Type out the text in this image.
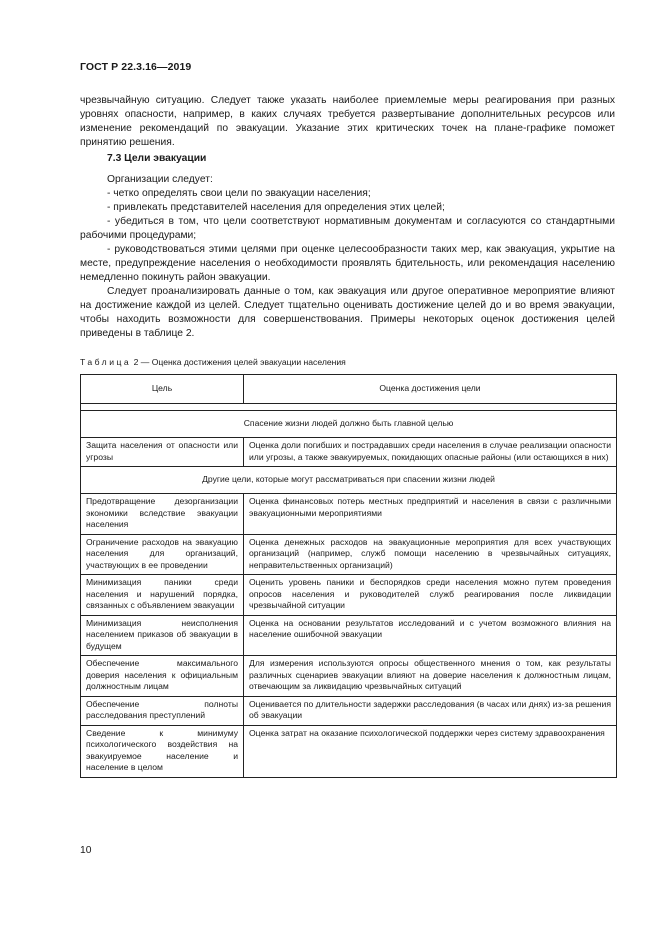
ГОСТ Р 22.3.16—2019
чрезвычайную ситуацию. Следует также указать наиболее приемлемые меры реагирования при разных уровнях опасности, например, в каких случаях требуется развертывание дополнительных ресурсов или изменение рекомендаций по эвакуации. Указание этих критических точек на плане-графике поможет принятию решения.
7.3 Цели эвакуации

Организации следует:

- четко определять свои цели по эвакуации населения;

- привлекать представителей населения для определения этих целей;

- убедиться в том, что цели соответствуют нормативным документам и согласуются со стандартными рабочими процедурами;

- руководствоваться этими целями при оценке целесообразности таких мер, как эвакуация, укрытие на месте, предупреждение населения о необходимости проявлять бдительность, или рекомендация населению немедленно покинуть район эвакуации.

Следует проанализировать данные о том, как эвакуация или другое оперативное мероприятие влияют на достижение каждой из целей. Следует тщательно оценивать достижение целей до и во время эвакуации, чтобы находить возможности для совершенствования. Примеры некоторых оценок достижения целей приведены в таблице 2.

Таблица 2 — Оценка достижения целей эвакуации населения
Цель	Оценка достижения цели

Спасение жизни людей должно быть главной целью	
Защита населения от опасности или угрозы	Оценка доли погибших и пострадавших среди населения в случае реализации опасности или угрозы, а также эвакуируемых, покидающих опасные районы (или остающихся в них)
Другие цели, которые могут рассматриваться при спасении жизни людей	
Предотвращение дезорганизации экономики вследствие эвакуации населения	Оценка финансовых потерь местных предприятий и населения в связи с различными эвакуационными мероприятиями
Ограничение расходов на эвакуацию населения для организаций, участвующих в ее проведении	Оценка денежных расходов на эвакуационные мероприятия для всех участвующих организаций (например, служб помощи населению в чрезвычайных ситуациях, неправительственных организаций)
Минимизация паники среди населения и нарушений порядка, связанных с объявлением эвакуации	Оценить уровень паники и беспорядков среди населения можно путем проведения опросов населения и руководителей служб реагирования после ликвидации чрезвычайной ситуации
Минимизация неисполнения населением приказов об эвакуации в будущем	Оценка на основании результатов исследований и с учетом возможного влияния на население ошибочной эвакуации
Обеспечение максимального доверия населения к официальным должностным лицам	Для измерения используются опросы общественного мнения о том, как результаты различных сценариев эвакуации влияют на доверие населения к должностным лицам, отвечающим за ликвидацию чрезвычайных ситуаций
Обеспечение полноты расследования преступлений	Оценивается по длительности задержки расследования (в часах или днях) из-за решения об эвакуации
Сведение к минимуму психологического воздействия на эвакуируемое население и население в целом	Оценка затрат на оказание психологической поддержки через систему здравоохранения
10
